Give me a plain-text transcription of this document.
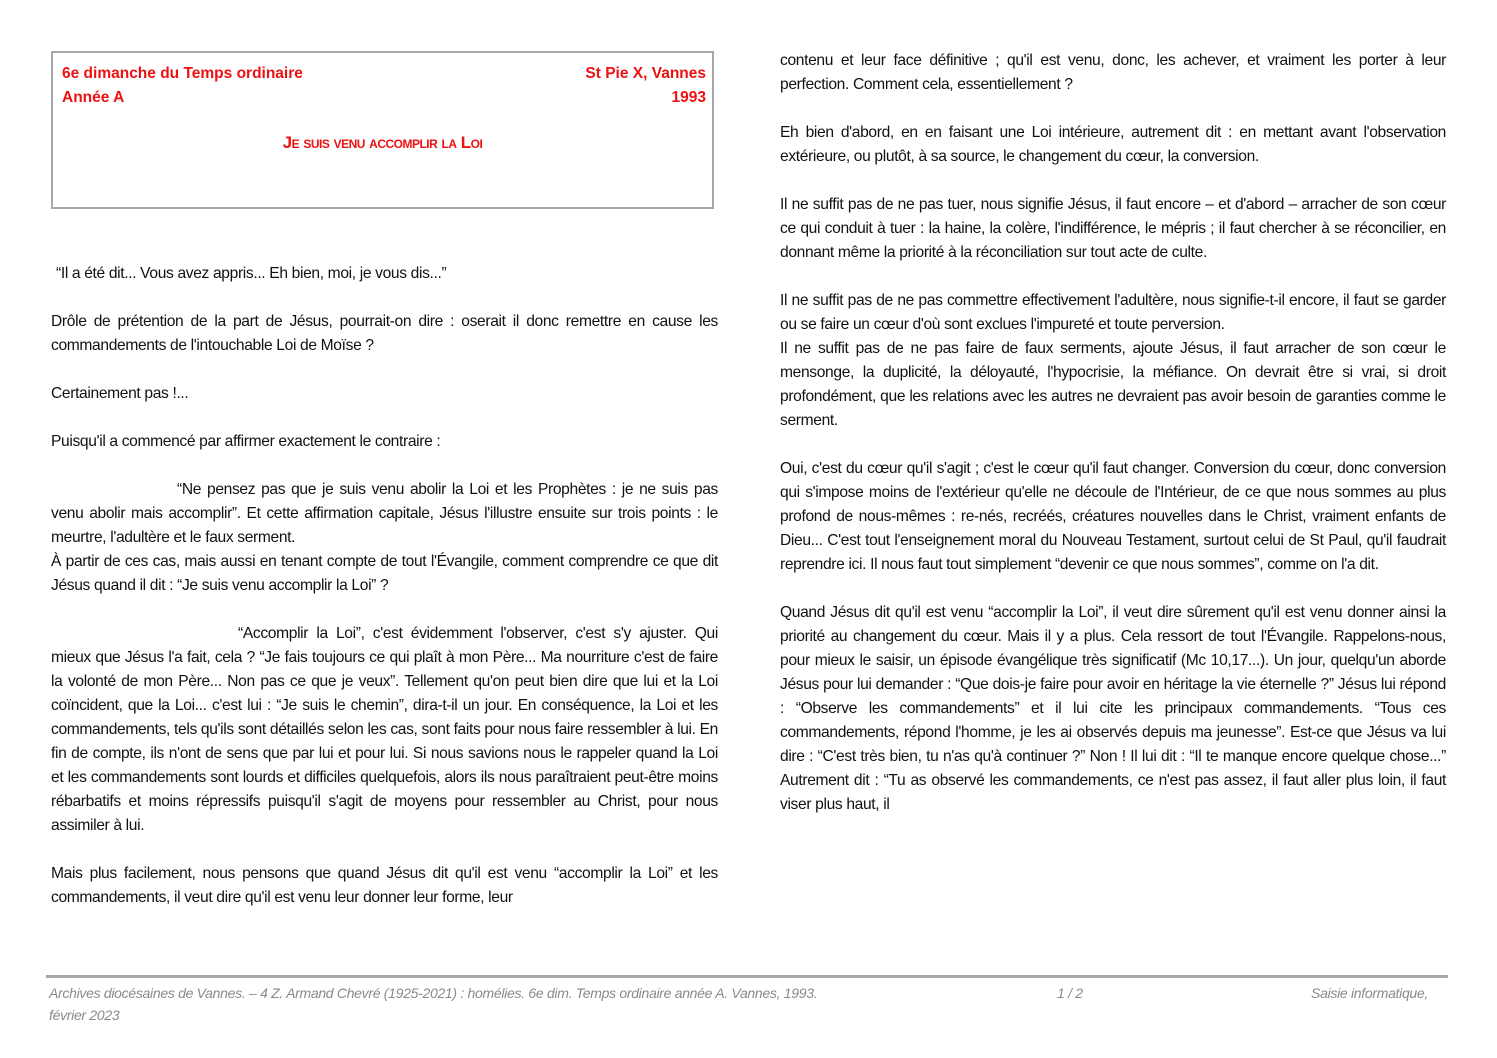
6e dimanche du Temps ordinaire
Année A
St Pie X, Vannes
1993
Je suis venu accomplir la Loi

“Il a été dit... Vous avez appris... Eh bien, moi, je vous dis...”

Drôle de prétention de la part de Jésus, pourrait-on dire : oserait il donc remettre en cause les commandements de l'intouchable Loi de Moïse ?

Certainement pas !...

Puisqu'il a commencé par affirmer exactement le contraire :

“Ne pensez pas que je suis venu abolir la Loi et les Prophètes : je ne suis pas venu abolir mais accomplir”. Et cette affirmation capitale, Jésus l'illustre ensuite sur trois points : le meurtre, l'adultère et le faux serment.

À partir de ces cas, mais aussi en tenant compte de tout l'Évangile, comment comprendre ce que dit Jésus quand il dit : “Je suis venu accomplir la Loi” ?

“Accomplir la Loi”, c'est évidemment l'observer, c'est s'y ajuster. Qui mieux que Jésus l'a fait, cela ? “Je fais toujours ce qui plaît à mon Père... Ma nourriture c'est de faire la volonté de mon Père... Non pas ce que je veux”. Tellement qu'on peut bien dire que lui et la Loi coïncident, que la Loi... c'est lui : “Je suis le chemin”, dira-t-il un jour. En conséquence, la Loi et les commandements, tels qu'ils sont détaillés selon les cas, sont faits pour nous faire ressembler à lui. En fin de compte, ils n'ont de sens que par lui et pour lui. Si nous savions nous le rappeler quand la Loi et les commandements sont lourds et difficiles quelquefois, alors ils nous paraîtraient peut-être moins rébarbatifs et moins répressifs puisqu'il s'agit de moyens pour ressembler au Christ, pour nous assimiler à lui.

Mais plus facilement, nous pensons que quand Jésus dit qu'il est venu “accomplir la Loi” et les commandements, il veut dire qu'il est venu leur donner leur forme, leur

contenu et leur face définitive ; qu'il est venu, donc, les achever, et vraiment les porter à leur perfection. Comment cela, essentiellement ?

Eh bien d'abord, en en faisant une Loi intérieure, autrement dit : en mettant avant l'observation extérieure, ou plutôt, à sa source, le changement du cœur, la conversion.

Il ne suffit pas de ne pas tuer, nous signifie Jésus, il faut encore – et d'abord – arracher de son cœur ce qui conduit à tuer : la haine, la colère, l'indifférence, le mépris ; il faut chercher à se réconcilier, en donnant même la priorité à la réconciliation sur tout acte de culte.

Il ne suffit pas de ne pas commettre effectivement l'adultère, nous signifie-t-il encore, il faut se garder ou se faire un cœur d'où sont exclues l'impureté et toute perversion.

Il ne suffit pas de ne pas faire de faux serments, ajoute Jésus, il faut arracher de son cœur le mensonge, la duplicité, la déloyauté, l'hypocrisie, la méfiance. On devrait être si vrai, si droit profondément, que les relations avec les autres ne devraient pas avoir besoin de garanties comme le serment.

Oui, c'est du cœur qu'il s'agit ; c'est le cœur qu'il faut changer. Conversion du cœur, donc conversion qui s'impose moins de l'extérieur qu'elle ne découle de l'Intérieur, de ce que nous sommes au plus profond de nous-mêmes : re-nés, recréés, créatures nouvelles dans le Christ, vraiment enfants de Dieu... C'est tout l'enseignement moral du Nouveau Testament, surtout celui de St Paul, qu'il faudrait reprendre ici. Il nous faut tout simplement “devenir ce que nous sommes”, comme on l'a dit.

Quand Jésus dit qu'il est venu “accomplir la Loi”, il veut dire sûrement qu'il est venu donner ainsi la priorité au changement du cœur. Mais il y a plus. Cela ressort de tout l'Évangile. Rappelons-nous, pour mieux le saisir, un épisode évangélique très significatif (Mc 10,17...). Un jour, quelqu'un aborde Jésus pour lui demander : “Que dois-je faire pour avoir en héritage la vie éternelle ?” Jésus lui répond : “Observe les commandements” et il lui cite les principaux commandements. “Tous ces commandements, répond l'homme, je les ai observés depuis ma jeunesse”. Est-ce que Jésus va lui dire : “C'est très bien, tu n'as qu'à continuer ?” Non ! Il lui dit : “Il te manque encore quelque chose...” Autrement dit : “Tu as observé les commandements, ce n'est pas assez, il faut aller plus loin, il faut viser plus haut, il

Archives diocésaines de Vannes. – 4 Z. Armand Chevré (1925-2021) : homélies. 6e dim. Temps ordinaire année A. Vannes, 1993.
février 2023
1 / 2	Saisie informatique,
